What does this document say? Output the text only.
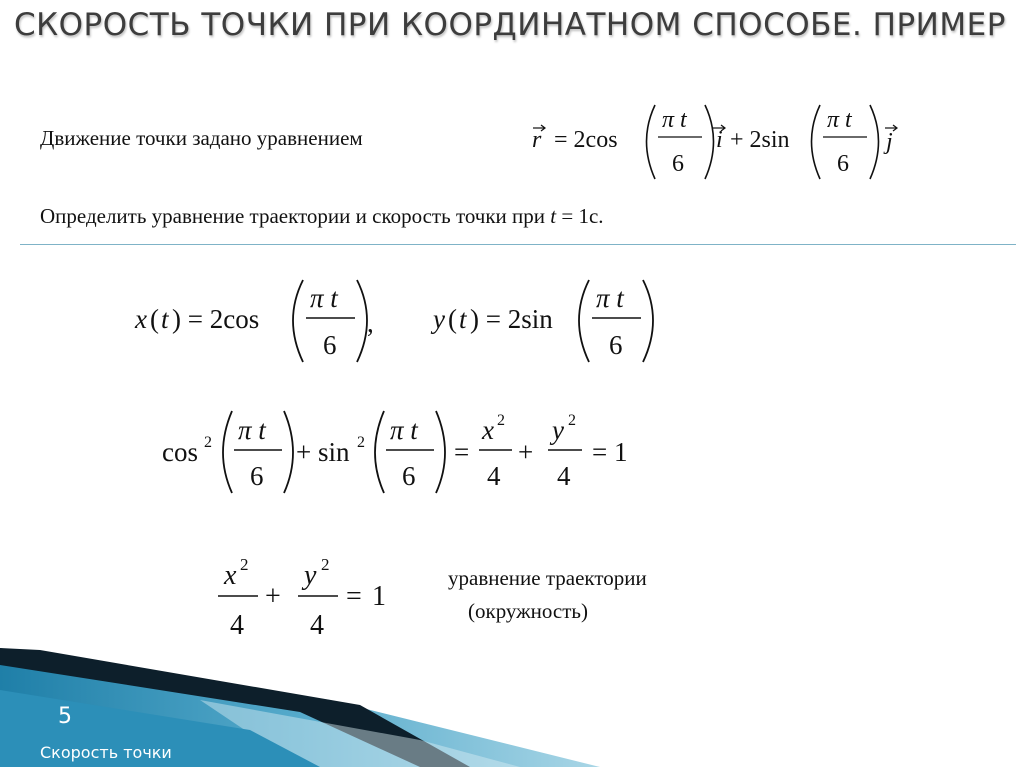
СКОРОСТЬ ТОЧКИ ПРИ КООРДИНАТНОМ СПОСОБЕ. ПРИМЕР
Движение точки задано уравнением	r = 2cos
π t
6
i + 2sin
π t
6
j
Определить уравнение траектории и скорость точки при t = 1с.
x ( t ) = 2cos
π t
6
, y ( t ) = 2sin
π t
6
cos 2 π t
6
+ sin 2 π t
6
=
x 2
4
+
y 2
4
= 1
x 2
4
+
y 2
4
= 1
уравнение траектории
(окружность)
5
Скорость точки
